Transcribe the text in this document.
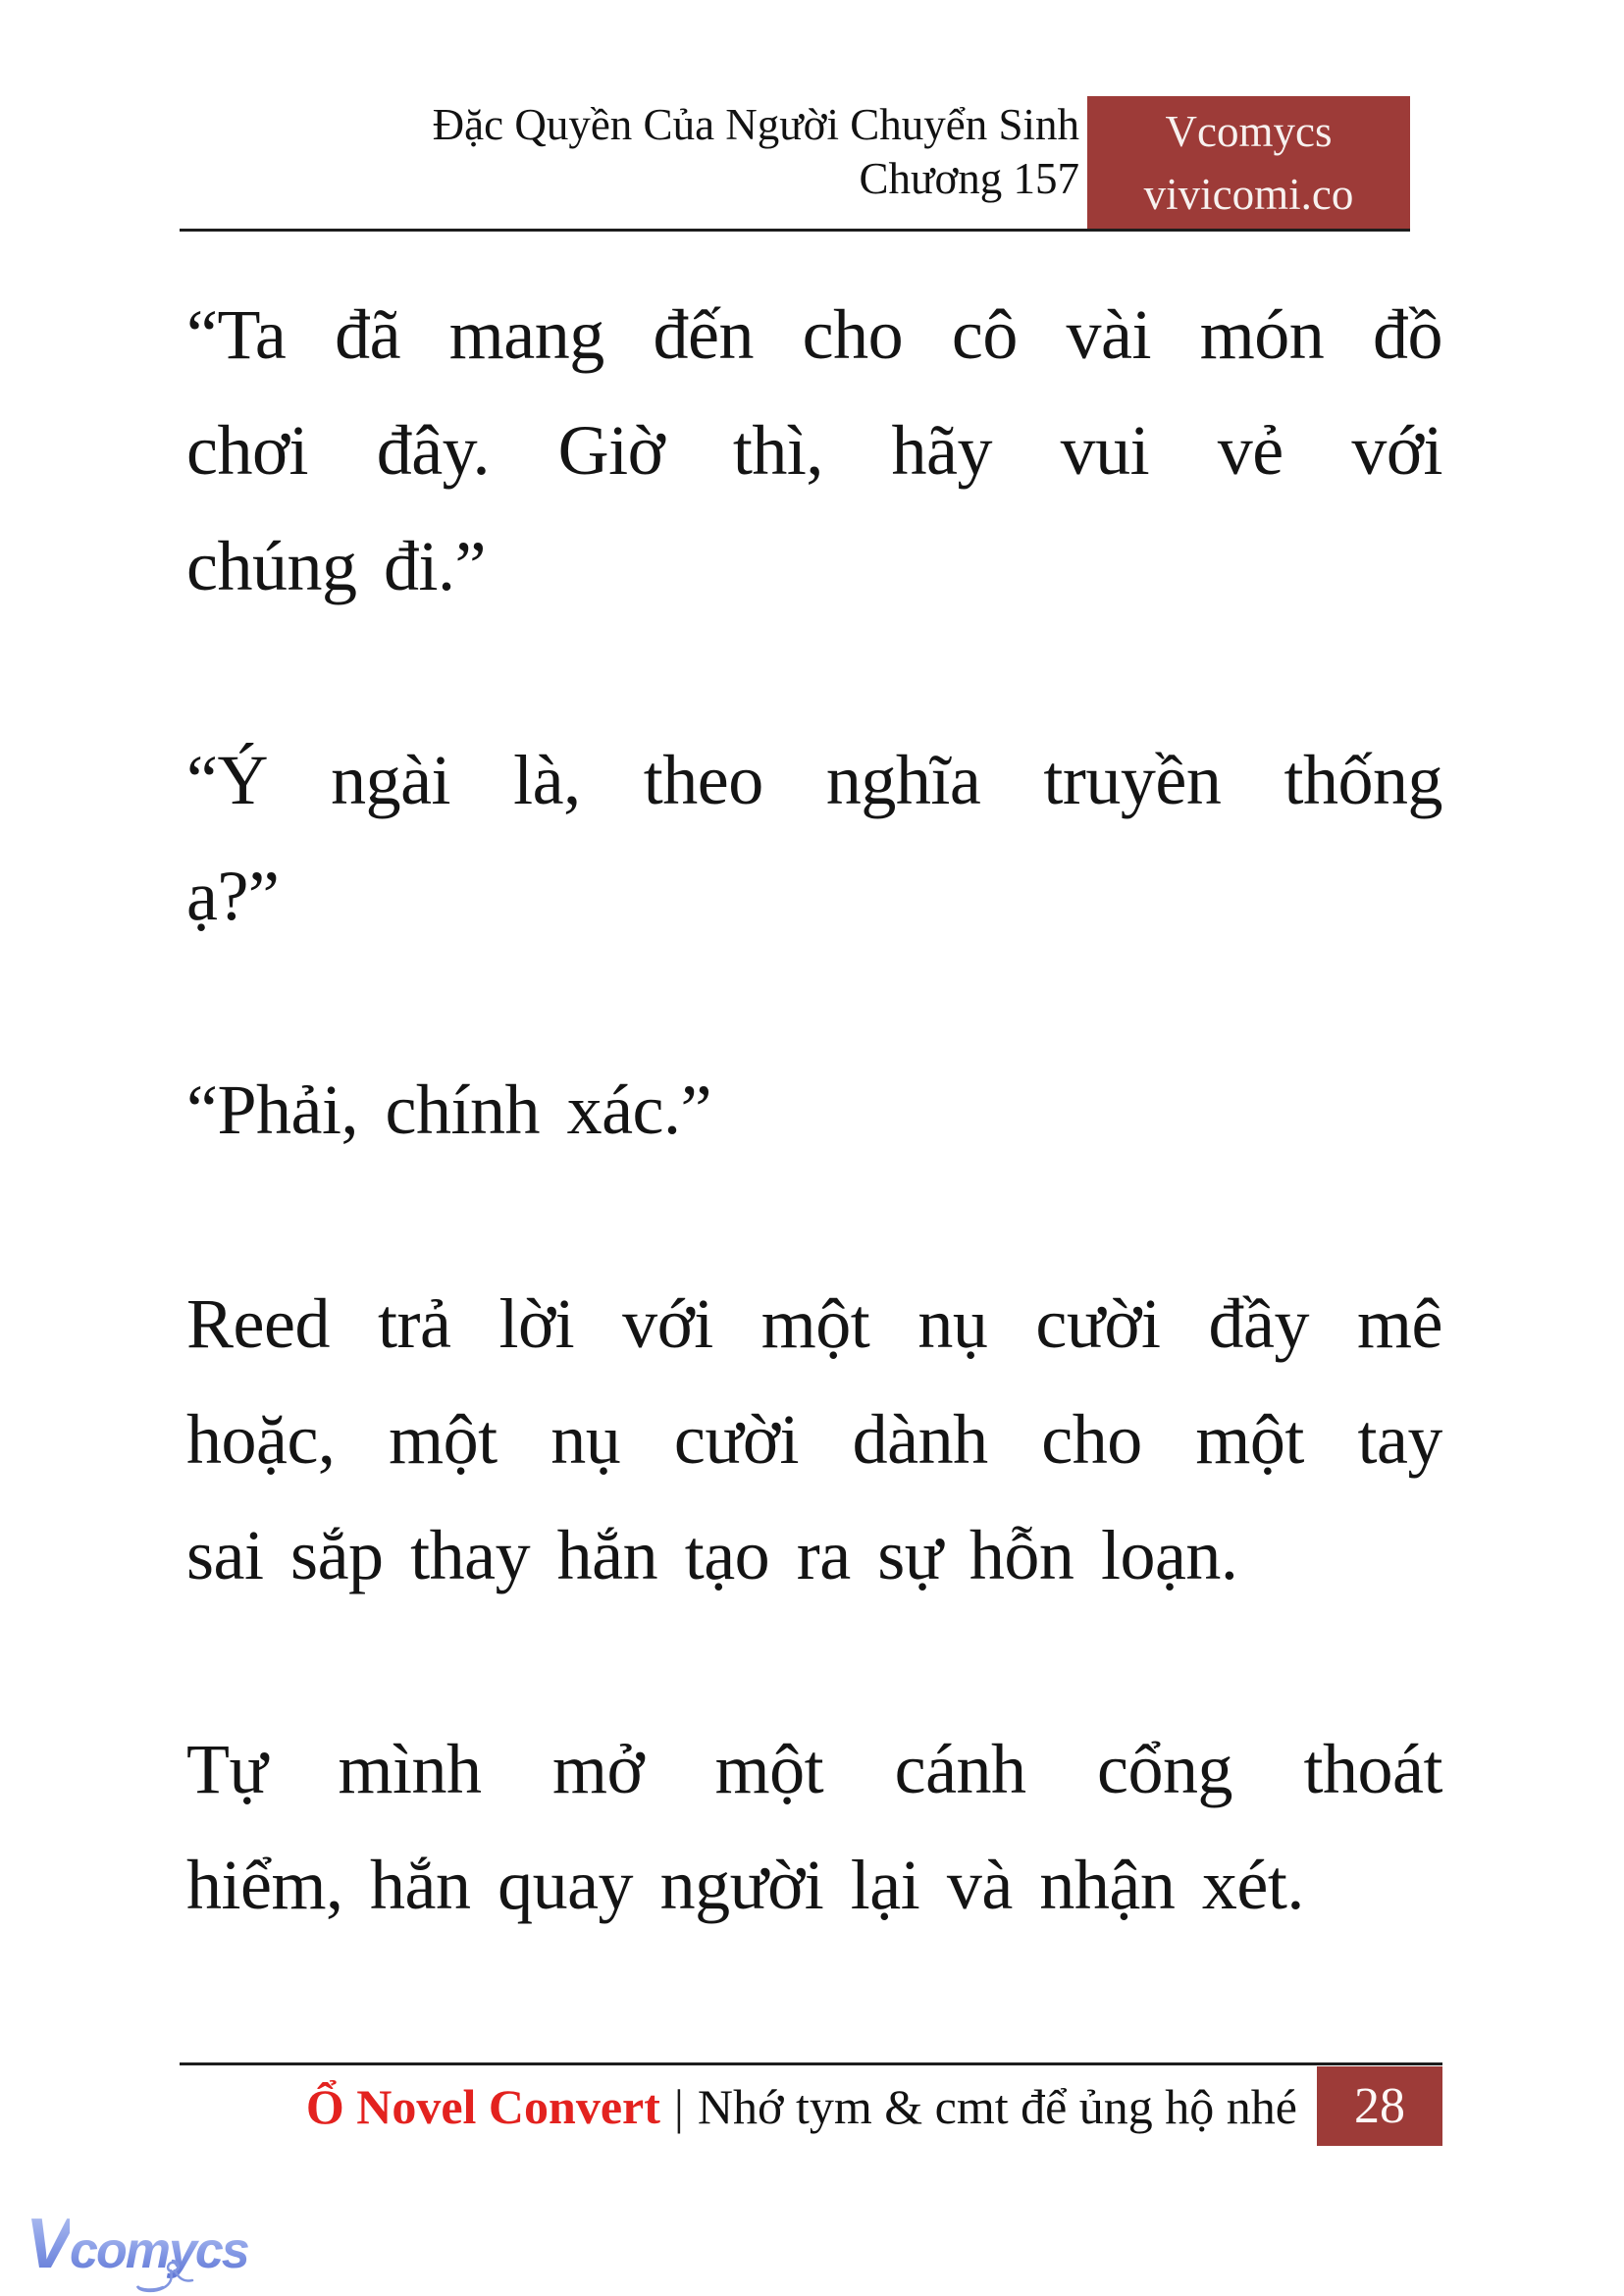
Đặc Quyền Của Người Chuyển Sinh
Chương 157
Vcomycs
vivicomi.co
“Ta đã mang đến cho cô vài món đồ
chơi đây. Giờ thì, hãy vui vẻ với
chúng đi.”
“Ý ngài là, theo nghĩa truyền thống
ạ?”
“Phải, chính xác.”
Reed trả lời với một nụ cười đầy mê
hoặc, một nụ cười dành cho một tay
sai sắp thay hắn tạo ra sự hỗn loạn.
Tự mình mở một cánh cổng thoát
hiểm, hắn quay người lại và nhận xét.
Ổ Novel Convert | Nhớ tym & cmt để ủng hộ nhé 28
Vcomycs
